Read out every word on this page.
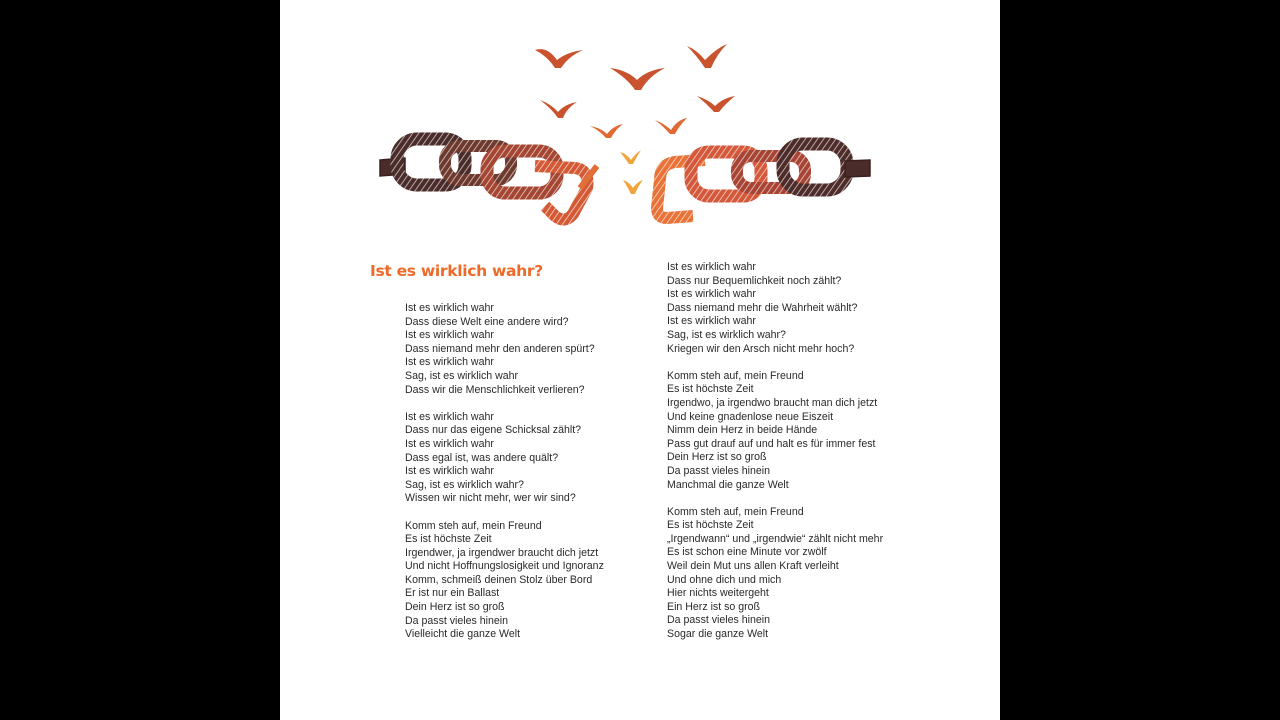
Ist es wirklich wahr?
Ist es wirklich wahr
Dass diese Welt eine andere wird?
Ist es wirklich wahr
Dass niemand mehr den anderen spürt?
Ist es wirklich wahr
Sag, ist es wirklich wahr
Dass wir die Menschlichkeit verlieren?
Ist es wirklich wahr
Dass nur das eigene Schicksal zählt?
Ist es wirklich wahr
Dass egal ist, was andere quält?
Ist es wirklich wahr
Sag, ist es wirklich wahr?
Wissen wir nicht mehr, wer wir sind?
Komm steh auf, mein Freund
Es ist höchste Zeit
Irgendwer, ja irgendwer braucht dich jetzt
Und nicht Hoffnungslosigkeit und Ignoranz
Komm, schmeiß deinen Stolz über Bord
Er ist nur ein Ballast
Dein Herz ist so groß
Da passt vieles hinein
Vielleicht die ganze Welt
Ist es wirklich wahr
Dass nur Bequemlichkeit noch zählt?
Ist es wirklich wahr
Dass niemand mehr die Wahrheit wählt?
Ist es wirklich wahr
Sag, ist es wirklich wahr?
Kriegen wir den Arsch nicht mehr hoch?
Komm steh auf, mein Freund
Es ist höchste Zeit
Irgendwo, ja irgendwo braucht man dich jetzt
Und keine gnadenlose neue Eiszeit
Nimm dein Herz in beide Hände
Pass gut drauf auf und halt es für immer fest
Dein Herz ist so groß
Da passt vieles hinein
Manchmal die ganze Welt
Komm steh auf, mein Freund
Es ist höchste Zeit
„Irgendwann“ und „irgendwie“ zählt nicht mehr
Es ist schon eine Minute vor zwölf
Weil dein Mut uns allen Kraft verleiht
Und ohne dich und mich
Hier nichts weitergeht
Ein Herz ist so groß
Da passt vieles hinein
Sogar die ganze Welt
